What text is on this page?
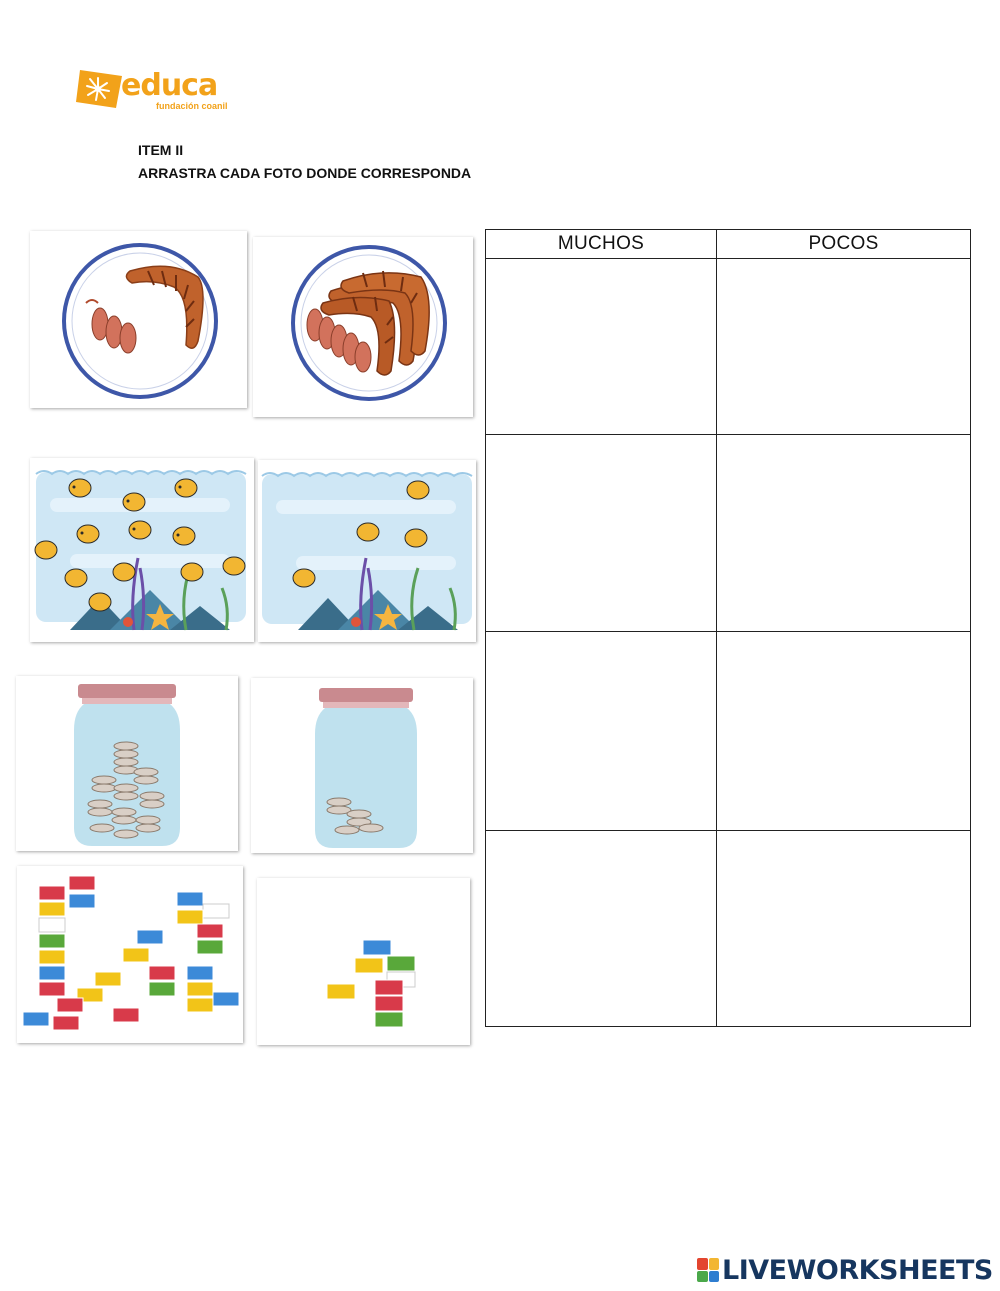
educa
fundación coanil
ITEM II
ARRASTRA CADA FOTO DONDE CORRESPONDA
MUCHOS	POCOS

LIVEWORKSHEETS
